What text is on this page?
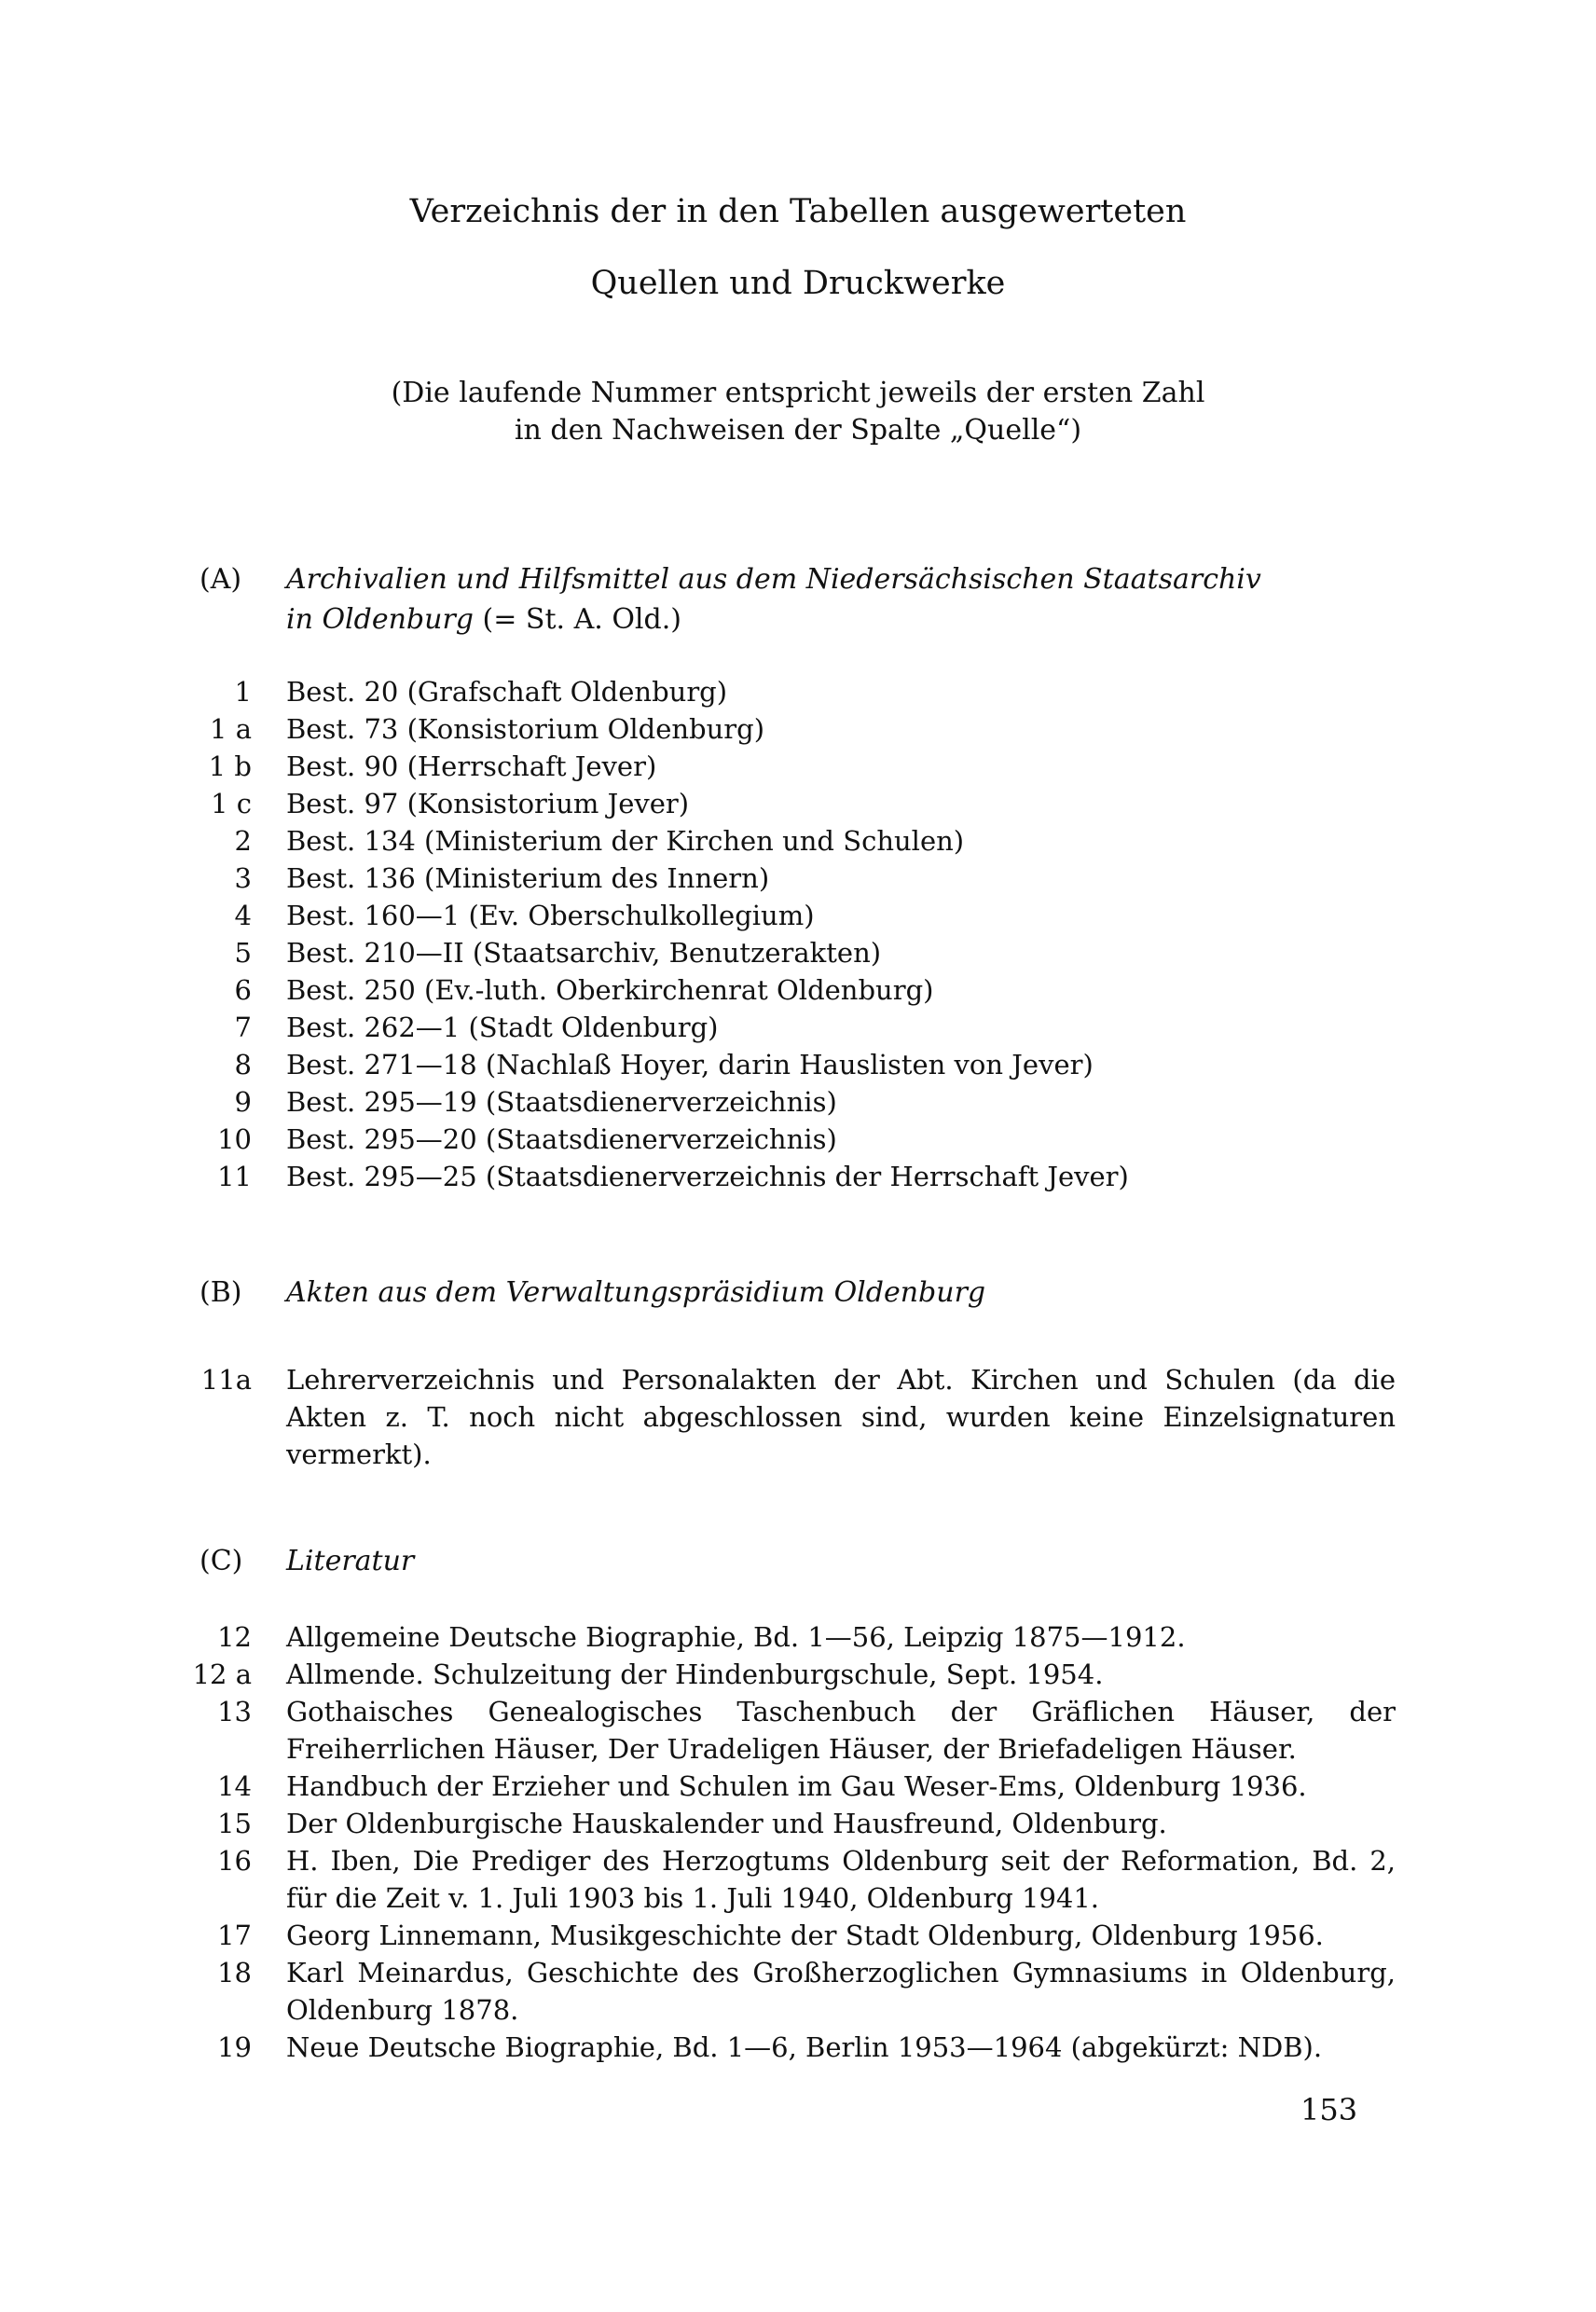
Verzeichnis der in den Tabellen ausgewerteten
Quellen und Druckwerke
(Die laufende Nummer entspricht jeweils der ersten Zahl
in den Nachweisen der Spalte „Quelle“)
(A) Archivalien und Hilfsmittel aus dem Niedersächsischen Staatsarchiv
in Oldenburg (= St. A. Old.)
1 Best. 20 (Grafschaft Oldenburg)
1 a Best. 73 (Konsistorium Oldenburg)
1 b Best. 90 (Herrschaft Jever)
1 c Best. 97 (Konsistorium Jever)
2 Best. 134 (Ministerium der Kirchen und Schulen)
3 Best. 136 (Ministerium des Innern)
4 Best. 160—1 (Ev. Oberschulkollegium)
5 Best. 210—II (Staatsarchiv, Benutzerakten)
6 Best. 250 (Ev.-luth. Oberkirchenrat Oldenburg)
7 Best. 262—1 (Stadt Oldenburg)
8 Best. 271—18 (Nachlaß Hoyer, darin Hauslisten von Jever)
9 Best. 295—19 (Staatsdienerverzeichnis)
10 Best. 295—20 (Staatsdienerverzeichnis)
11 Best. 295—25 (Staatsdienerverzeichnis der Herrschaft Jever)
(B) Akten aus dem Verwaltungspräsidium Oldenburg
11a Lehrerverzeichnis und Personalakten der Abt. Kirchen und Schulen (da die Akten z. T. noch nicht abgeschlossen sind, wurden keine Einzelsignaturen vermerkt).
(C) Literatur
12 Allgemeine Deutsche Biographie, Bd. 1—56, Leipzig 1875—1912.
12 a Allmende. Schulzeitung der Hindenburgschule, Sept. 1954.
13 Gothaisches Genealogisches Taschenbuch der Gräflichen Häuser, der Freiherrlichen Häuser, Der Uradeligen Häuser, der Briefadeligen Häuser.
14 Handbuch der Erzieher und Schulen im Gau Weser-Ems, Oldenburg 1936.
15 Der Oldenburgische Hauskalender und Hausfreund, Oldenburg.
16 H. Iben, Die Prediger des Herzogtums Oldenburg seit der Reformation, Bd. 2, für die Zeit v. 1. Juli 1903 bis 1. Juli 1940, Oldenburg 1941.
17 Georg Linnemann, Musikgeschichte der Stadt Oldenburg, Oldenburg 1956.
18 Karl Meinardus, Geschichte des Großherzoglichen Gymnasiums in Oldenburg, Oldenburg 1878.
19 Neue Deutsche Biographie, Bd. 1—6, Berlin 1953—1964 (abgekürzt: NDB).
153
